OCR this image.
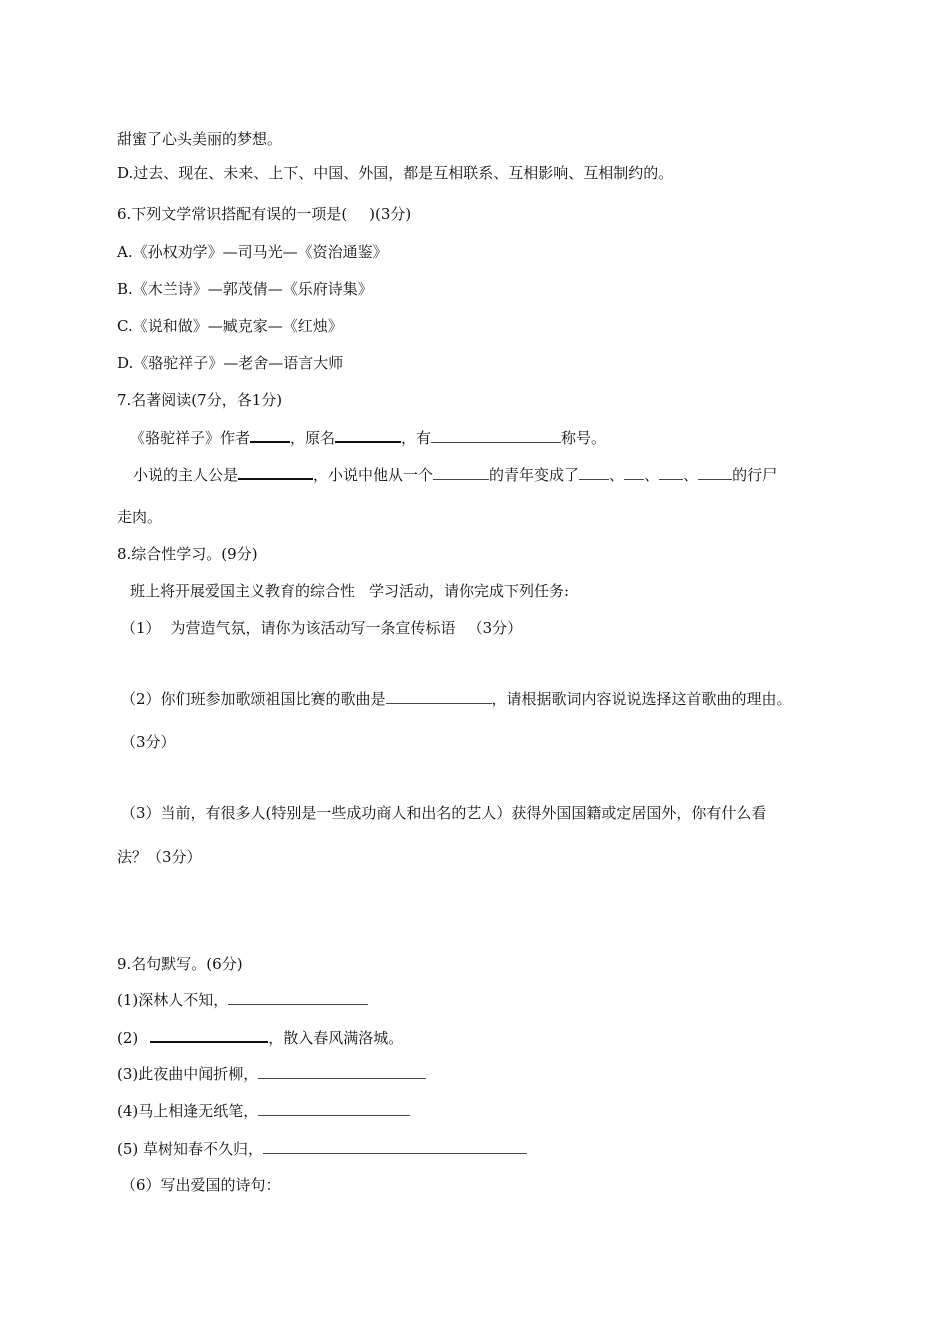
甜蜜了心头美丽的梦想。
D.过去、现在、未来、上下、中国、外国，都是互相联系、互相影响、互相制约的。
6.下列文学常识搭配有误的一项是( )(3分)
A.《孙权劝学》—司马光—《资治通鉴》
B.《木兰诗》—郭茂倩—《乐府诗集》
C.《说和做》—臧克家—《红烛》
D.《骆驼祥子》—老舍—语言大师
7.名著阅读(7分，各1分)
《骆驼祥子》作者	，原名	，有	称号。
小说的主人公是	，小说中他从一个	的青年变成了 、 、 、 的行尸
走肉。
8.综合性学习。(9分)
班上将开展爱国主义教育的综合性 学习活动，请你完成下列任务:
（1） 为营造气氛，请你为该活动写一条宣传标语 （3分）
（2）你们班参加歌颂祖国比赛的歌曲是	，请根据歌词内容说说选择这首歌曲的理由。
（3分）
（3）当前，有很多人(特别是一些成功商人和出名的艺人）获得外国国籍或定居国外，你有什么看
法？（3分）
9.名句默写。(6分)
(1)深林人不知，
(2)	，散入春风满洛城。
(3)此夜曲中闻折柳，
(4)马上相逢无纸笔，
(5) 草树知春不久归，
（6）写出爱国的诗句：
